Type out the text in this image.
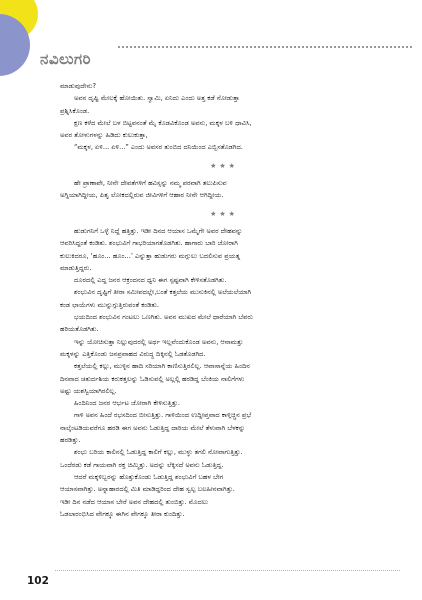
ನವಿಲುಗರಿ

ಮಾಡುವುದೇನು?

ಅವನ ದೃಷ್ಟಿ ಮೇಲಕ್ಕೆ ಹೋಯಿತು. ಸ್ವಾಮಿ, ಏನಿದು ಎಂದು ಅತ್ತ ಕಡೆ ನೋಡುತ್ತಾ

ಪ್ರಶ್ನಿಸಿಕೊಂಡ.

ಕ್ಷಣ ಕಳೆದ ಮೇಲೆ ಬಳ ಬಿಟ್ಟವನಂತೆ ಮೈ ಕೊಡವಿಕೊಂಡ ಅವನು, ಮಕ್ಕಳ ಬಳಿ ಧಾವಿಸಿ,

ಅವರ ತೋಳುಗಳನ್ನು ಹಿಡಿದು ಕುಲುಕುತ್ತಾ,

“ಮಕ್ಕಳ, ಏಳಿ... ಏಳಿ...” ಎಂದು ಅವಸರ ತುಂಬಿದ ದನಿಯಿಂದ ಎಬ್ಬಿಸತೊಡಗಿದ.

★★★

ಹೇ ಪ್ರಾಣಾಪೇ, ನೀನೇ ದೇವತೆಗಳಿಗೆ ಹವಿಸ್ಸನ್ನು ನಮ್ಮ ಪರವಾಗಿ ತಲುಪಿಸುವ

ಅಗ್ನಿಯಾಗಿದ್ದೀಯ, ಪಿತೃ ಲೋಕದಲ್ಲಿರುವ ಜೀವಿಗಳಿಗೆ ಆಹಾರ ನೀನೇ ಆಗಿದ್ದೀಯ.

★★★

ಹುಡುಗನಿಗೆ ಒಳ್ಳೆ ನಿದ್ದೆ ಹತ್ತಿತ್ತು. ಇಡೀ ದಿನದ ಆಯಾಸ ಒಮ್ಮೆಗೇ ಅವರ ದೇಹವನ್ನು

ಆವರಿಸಿದ್ದಂತೆ ಕಂಡಿತು. ಶಂಭುವಿಗೆ ಗಾಭರಿಯಾಗತೊಡಗಿತು. ಹಾಗಾರು ಬಾರಿ ಜೋರಾಗಿ

ಕುಲುಕಿದರೂ, ‘ಹೂಂ... ಹೂಂ...’ ಎನ್ನುತ್ತಾ ಹುಡುಗರು ಮಗ್ಗುಲು ಬದಲಿಸುವ ಪ್ರಯತ್ನ

ಮಾಡುತ್ತಿದ್ದರು.

ದೂರದಲ್ಲಿ ಎದ್ದ ಜನರ ಆಕ್ರಂದನದ ಧ್ವನಿ ಈಗ ಸ್ಪಷ್ಟವಾಗಿ ಕೇಳಿಸತೊಡಗಿತು.

ಶಂಭುವಿನ ದೃಷ್ಟಿಗೆ ತೀರಾ ಸಮೀಪದಲ್ಲೇ,ಬಂತೆ ಕತ್ತಲೆಯ ಮುಸುಕಿನಲ್ಲಿ ಅಲೆಯಲೆಯಾಗಿ

ಕಂಡ ಛಾಯೆಗಳು ಮುನ್ನುಗ್ಗುತ್ತಿರುವಂತೆ ಕಂಡಿತು.

ಭಯದಿಂದ ಶಂಭುವಿನ ಗಂಟಲು ಒಣಗಿತು. ಅವನ ಮುಖದ ಮೇಲೆ ಧಾರೆಯಾಗಿ ಬೆವರು

ಹರಿಯತೊಡಗಿತು.

ಇನ್ನು ಯೋಚಿಸುತ್ತಾ ನಿಲ್ಲುವುದರಲ್ಲಿ ಅರ್ಥ ಇಲ್ಲವೆಂದುಕೊಂಡ ಅವನು, ಆನಾಮತ್ತು

ಮಕ್ಕಳನ್ನು ಎತ್ತಿಕೊಂಡು ಜನಪ್ರವಾಹದ ವಿರುದ್ಧ ದಿಕ್ಕಿನಲ್ಲಿ ಓಡತೊಡಗಿದ.

ಕತ್ತಲೆಯಲ್ಲಿ ಕಲ್ಲು, ಮುಳ್ಳಿನ ಹಾದಿ ಸರಿಯಾಗಿ ಕಾಣಿಸುತ್ತಿರಲಿಲ್ಲ. ಆವಾಸಾನ್ನೆಯ ಹಿಂದಿನ

ದಿನವಾದ ಚತುರ್ದಶಿಯ ಕರುಕತ್ತಲನ್ನು ಓಡಿಸುವಲ್ಲಿ ಅಲ್ಲಲ್ಲಿ ಹರಡಿದ್ದ ಬೆಂಕಿಯ ನಾಲಿಗೆಗಳು

ಅಷ್ಟು ಯಶಸ್ವಿಯಾಗಿರಲಿಲ್ಲ.

ಹಿಂದಿನಿಂದ ಜನರ ಆರ್ಭಟ ಜೋರಾಗಿ ಕೇಳಿಸುತ್ತಿತ್ತು.

ಗಾಳಿ ಅವನ ಹಿಂದೆ ರಭಸದಿಂದ ಬೀಸುತ್ತಿತ್ತು. ಗಾಳಿಯಿಂದ ಉದ್ದೀಪ್ತವಾದ ಕಾಳ್ಗಿಚ್ಚಿನ ಪ್ರಭೆ

ನಾಲ್ಕೆಂಟಡಿಯವರೆಗೂ ಹರಡಿ ಈಗ ಅವನು ಓಡುತ್ತಿದ್ದ ದಾರಿಯ ಮೇಲೆ ತೆಳುವಾಗಿ ಬೆಳಕನ್ನು

ಹರಡಿತ್ತು.

ಶಂಭು ಬರಿಯ ಕಾಲಿನಲ್ಲಿ ಓಡುತ್ತಿದ್ದ ಕಾಲಿಗೆ ಕಲ್ಲು, ಮುಳ್ಳು ತಗಲಿ ನೋವಾಗುತ್ತಿತ್ತು.

ಒಂದೆರಡು ಕಡೆ ಗಾಯವಾಗಿ ರಕ್ತ ಚಿಮ್ಮಿತ್ತು. ಅದನ್ನು ಲೆಕ್ಕಿಸದೆ ಅವನು ಓಡುತ್ತಿದ್ದ.

ಆದರೆ ಮಕ್ಕಳಿಬ್ಬರನ್ನು ಹೊತ್ತುಕೊಂಡು ಓಡುತ್ತಿದ್ದ ಶಂಭುವಿಗೆ ಬಹಳ ಬೇಗ

ಆಯಾಸವಾಗಿತ್ತು. ಅನ್ನಾಹಾರದಲ್ಲಿ ಮಿತಿ ಮಾಡಿದ್ದರಿಂದ ದೇಹ ಸ್ವಲ್ಪ ಬಲಹೀನವಾಗಿತ್ತು.

ಇಡೀ ದಿನ ನಡೆದ ಆಯಾಸ ಬೇರೆ ಅವನ ದೇಹದಲ್ಲಿ ತುಂಬಿತ್ತು. ಮೊದಲು

ಓಡಲಾರಂಭಿಸಿದ ವೇಗಕ್ಕೂ ಈಗಿನ ವೇಗಕ್ಕೂ ತೀರಾ ಕುಂದಿತ್ತು.

102
